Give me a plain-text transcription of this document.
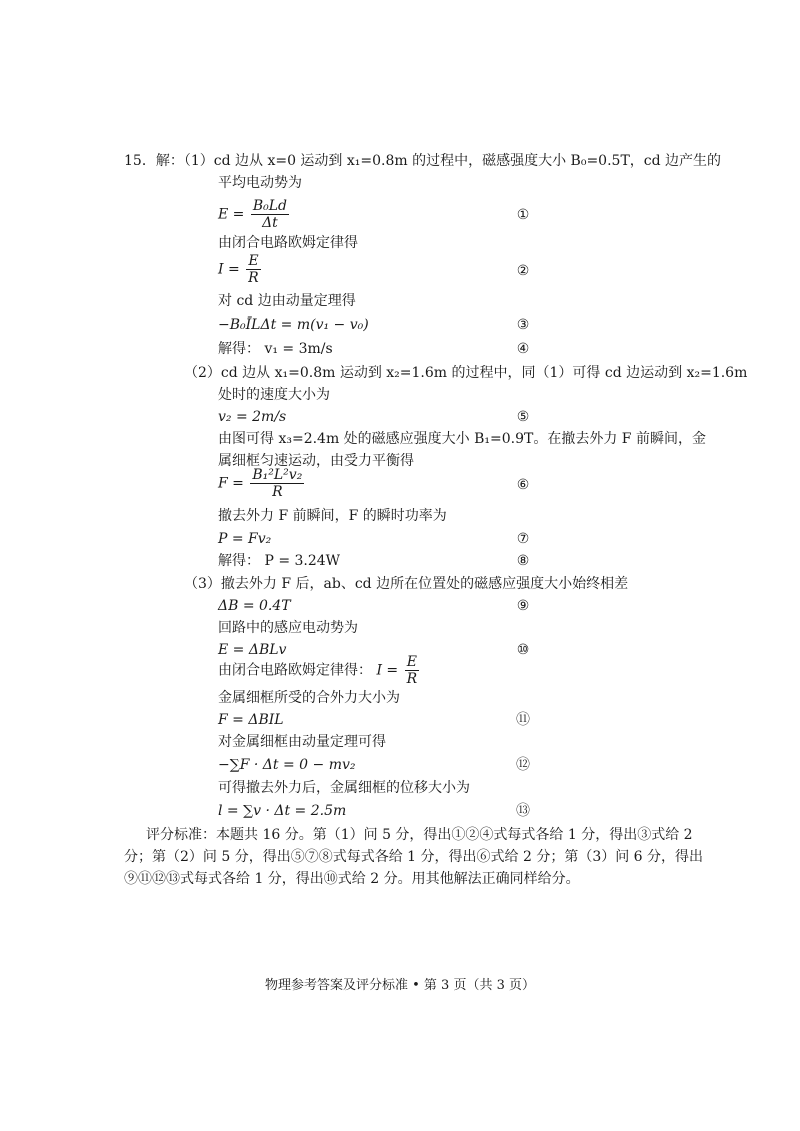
15．解：（1）cd 边从 x=0 运动到 x₁=0.8m 的过程中，磁感强度大小 B₀=0.5T，cd 边产生的
平均电动势为
$E = \frac{\text{B₀Ld}}{\Delta t}$	①
由闭合电路欧姆定律得
$I = \frac{E}{R}$	②
对 cd 边由动量定理得
−B₀ĪLΔt = m(v₁ − v₀)	③
解得： v₁ = 3m/s	④
（2）cd 边从 x₁=0.8m 运动到 x₂=1.6m 的过程中，同（1）可得 cd 边运动到 x₂=1.6m
处时的速度大小为
v₂ = 2m/s	⑤
由图可得 x₃=2.4m 处的磁感应强度大小 B₁=0.9T。在撤去外力 F 前瞬间，金
属细框匀速运动，由受力平衡得
$F = \frac{\text{B₁²L²v₂}}{R}$	⑥
撤去外力 F 前瞬间，F 的瞬时功率为
P = Fv₂	⑦
解得： P = 3.24W	⑧
（3）撤去外力 F 后，ab、cd 边所在位置处的磁感应强度大小始终相差
ΔB = 0.4T	⑨
回路中的感应电动势为
E = ΔBLv	⑩
由闭合电路欧姆定律得： $I = \frac{E}{R}$
金属细框所受的合外力大小为
F = ΔBIL	⑪
对金属细框由动量定理可得
−∑F · Δt = 0 − mv₂	⑫
可得撤去外力后，金属细框的位移大小为
l = ∑v · Δt = 2.5m	⑬
评分标准：本题共 16 分。第（1）问 5 分，得出①②④式每式各给 1 分，得出③式给 2
分；第（2）问 5 分，得出⑤⑦⑧式每式各给 1 分，得出⑥式给 2 分；第（3）问 6 分，得出
⑨⑪⑫⑬式每式各给 1 分，得出⑩式给 2 分。用其他解法正确同样给分。
物理参考答案及评分标准 • 第 3 页（共 3 页）
